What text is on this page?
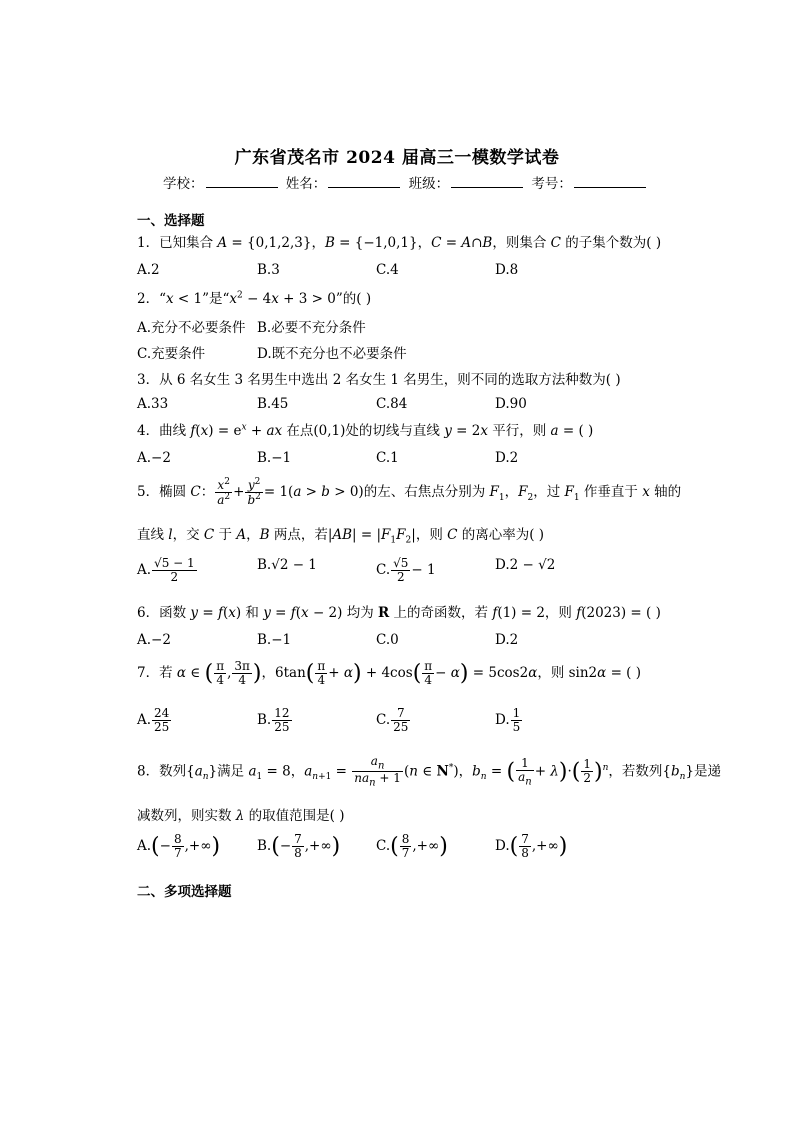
广东省茂名市 2024 届高三一模数学试卷
学校：	姓名：	班级：	考号：
一、选择题
1．已知集合 A = {0,1,2,3}，B = {−1,0,1}，C = A∩B，则集合 C 的子集个数为( )
A.2	B.3	C.4	D.8
2．“x < 1”是“$x^2 - 4x + 3 > 0$”的( )
A.充分不必要条件 B.必要不充分条件
C.充要条件	D.既不充分也不必要条件
3．从 6 名女生 3 名男生中选出 2 名女生 1 名男生，则不同的选取方法种数为( )
A.33	B.45	C.84	D.90
4．曲线 $f(x) = e^x$ + ax 在点(0,1)处的切线与直线 y = 2x 平行，则 a = ( )
A.−2	B.−1	C.1	D.2
5．椭圆 C： $\frac{x^2}{a^2} + \frac{y^2}{b^2} = 1(a > b > 0)$的左、右焦点分别为 $F_1$，$F_2$，过 $F_1$ 作垂直于 x 轴的
直线 l，交 C 于 A，B 两点，若$|AB| = |F_1F_2|$，则 C 的离心率为( )
A. $\frac{√5 - 1}{2}$	B.√2 − 1	C. $\frac{√5}{2} - 1$	D.2 − √2
6．函数 y = f(x) 和 y = f(x − 2) 均为 R 上的奇函数，若 f(1) = 2，则 f(2023) = ( )
A.−2	B.−1	C.0	D.2
7．若 α ∈ ( $\frac{\pi}{4}$ , $\frac{3\pi}{4}$ )，$6\tan( \frac{\pi}{4} + \alpha) + 4\cos( \frac{\pi}{4} - \alpha) = 5\cos 2\alpha$，则 sin2α = ( )
A. $\frac{24}{25}$	B. $\frac{12}{25}$	C. $\frac{7}{25}$	D. $\frac{1}{5}$
8．数列$\{a_n\}$满足 $a_1 = 8$，$a_{n+1} = \frac{a_n}{na_n + 1} (n$ ∈ N*)，$b_n$ = ( $\frac{1}{a_n} + \lambda)\cdot( \frac{1}{2} )^n$，若数列$\{b_n\}$是递
减数列，则实数 λ 的取值范围是( )
$A.(- \frac{8}{7}$ ,+∞)	$B.(- \frac{7}{8}$ ,+∞)	$C.( \frac{8}{7}$ ,+∞)	$D.( \frac{7}{8}$ ,+∞)
二、多项选择题
